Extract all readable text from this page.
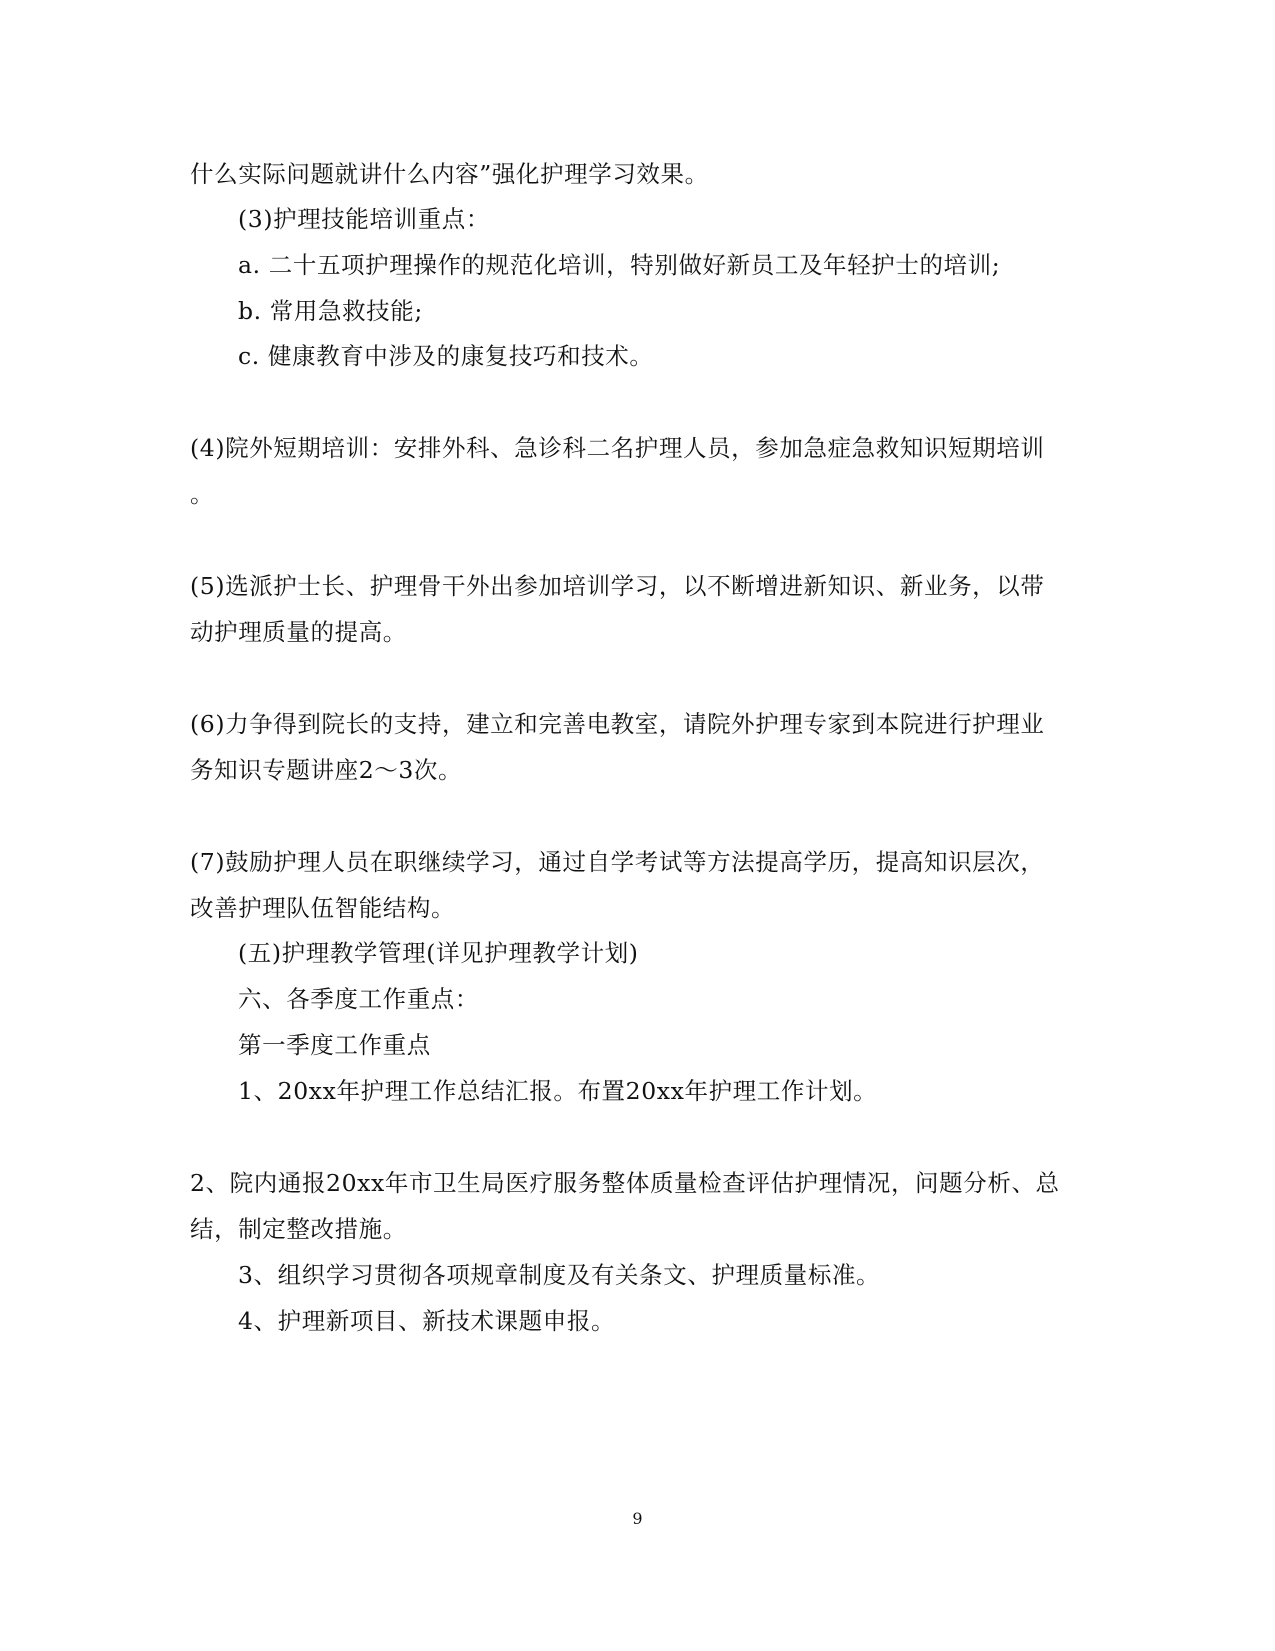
什么实际问题就讲什么内容”强化护理学习效果。
(3)护理技能培训重点：
a. 二十五项护理操作的规范化培训，特别做好新员工及年轻护士的培训;
b. 常用急救技能;
c. 健康教育中涉及的康复技巧和技术。
(4)院外短期培训：安排外科、急诊科二名护理人员，参加急症急救知识短期培训
。
(5)选派护士长、护理骨干外出参加培训学习，以不断增进新知识、新业务，以带
动护理质量的提高。
(6)力争得到院长的支持，建立和完善电教室，请院外护理专家到本院进行护理业
务知识专题讲座2～3次。
(7)鼓励护理人员在职继续学习，通过自学考试等方法提高学历，提高知识层次，
改善护理队伍智能结构。
(五)护理教学管理(详见护理教学计划)
六、各季度工作重点：
第一季度工作重点
1、20xx年护理工作总结汇报。布置20xx年护理工作计划。
2、院内通报20xx年市卫生局医疗服务整体质量检查评估护理情况，问题分析、总
结，制定整改措施。
3、组织学习贯彻各项规章制度及有关条文、护理质量标准。
4、护理新项目、新技术课题申报。
9
